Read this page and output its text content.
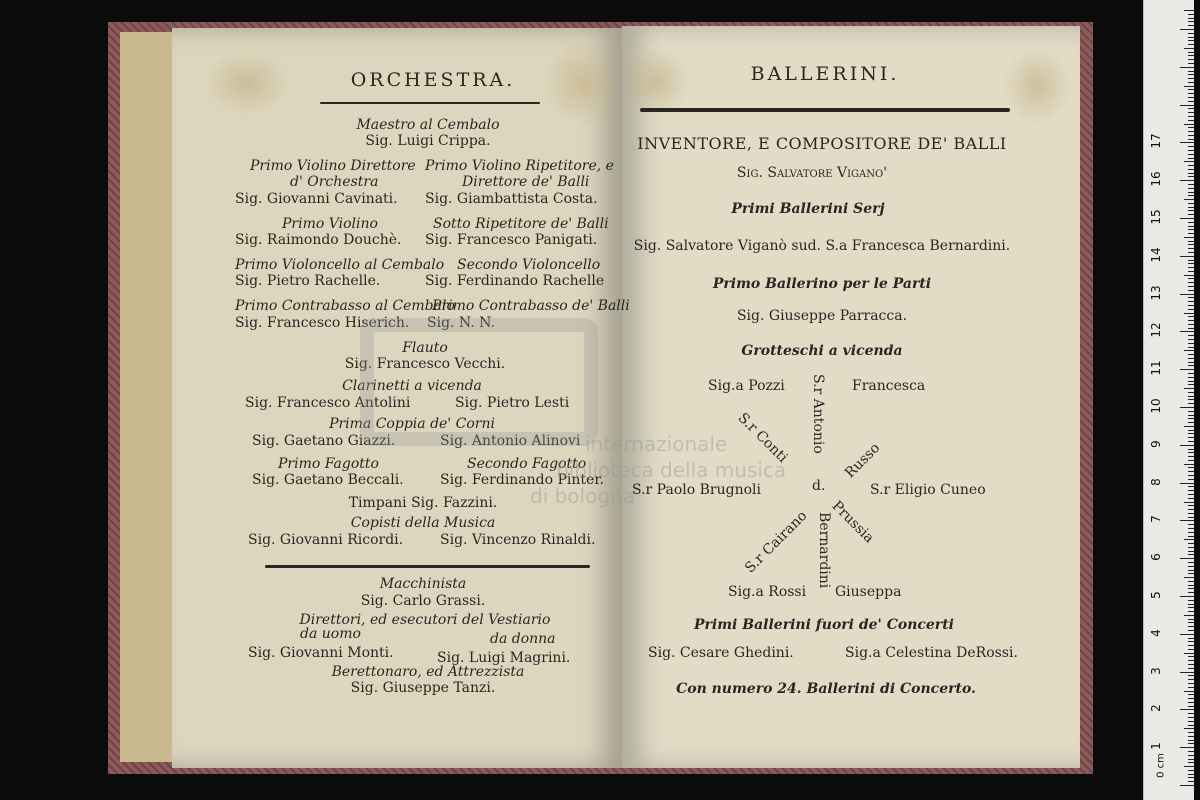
Maestro al Cembalo
Sig. Luigi Crippa.
Primo Violino Direttore
d' Orchestra
Sig. Giovanni Cavinati.
Primo Violino Ripetitore, e
Direttore de' Balli
Sig. Giambattista Costa.
Primo Violino
Sig. Raimondo Douchè.
Sotto Ripetitore de' Balli
Sig. Francesco Panigati.
Primo Violoncello al Cembalo
Sig. Pietro Rachelle.
Secondo Violoncello
Sig. Ferdinando Rachelle
Primo Contrabasso al Cembalo
Sig. Francesco Hiserich.
Primo Contrabasso de' Balli
Sig. N. N.
Flauto
Sig. Francesco Vecchi.
Clarinetti a vicenda
Sig. Francesco Antolini	Sig. Pietro Lesti
Prima Coppia de' Corni
Sig. Gaetano Giazzi.	Sig. Antonio Alinovi
Primo Fagotto
Sig. Gaetano Beccali.
Secondo Fagotto
Sig. Ferdinando Pinter.
Timpani Sig. Fazzini.
Copisti della Musica
Sig. Giovanni Ricordi.	Sig. Vincenzo Rinaldi.
Macchinista
Sig. Carlo Grassi.
Direttori, ed esecutori del Vestiario
da uomo	da donna
Sig. Giovanni Monti.	Sig. Luigi Magrini.
Berettonaro, ed Attrezzista
Sig. Giuseppe Tanzi.
ORCHESTRA.	BALLERINI.
INVENTORE, E COMPOSITORE DE' BALLI
Sig. Salvatore Vigano'
Primi Ballerini Serj
Sig. Salvatore Viganò sud. S.a Francesca Bernardini.
Primo Ballerino per le Parti
Sig. Giuseppe Parracca.
Grotteschi a vicenda
Sig.a Pozzi	Francesca
S.r Antonio
d.
Bernardini
S.r Conti	Russo
S.r Paolo Brugnoli	S.r Eligio Cuneo
S.r Cairano Prussia
Sig.a Rossi Giuseppa
Primi Ballerini fuori de' Concerti
Sig. Cesare Ghedini.	Sig.a Celestina DeRossi.
Con numero 24. Ballerini di Concerto.
internazionale
biblioteca della musica
di bologna
1
2
3
4
5
6
7
8
9
10
11
12
13
14
15
16
17
0 cm
